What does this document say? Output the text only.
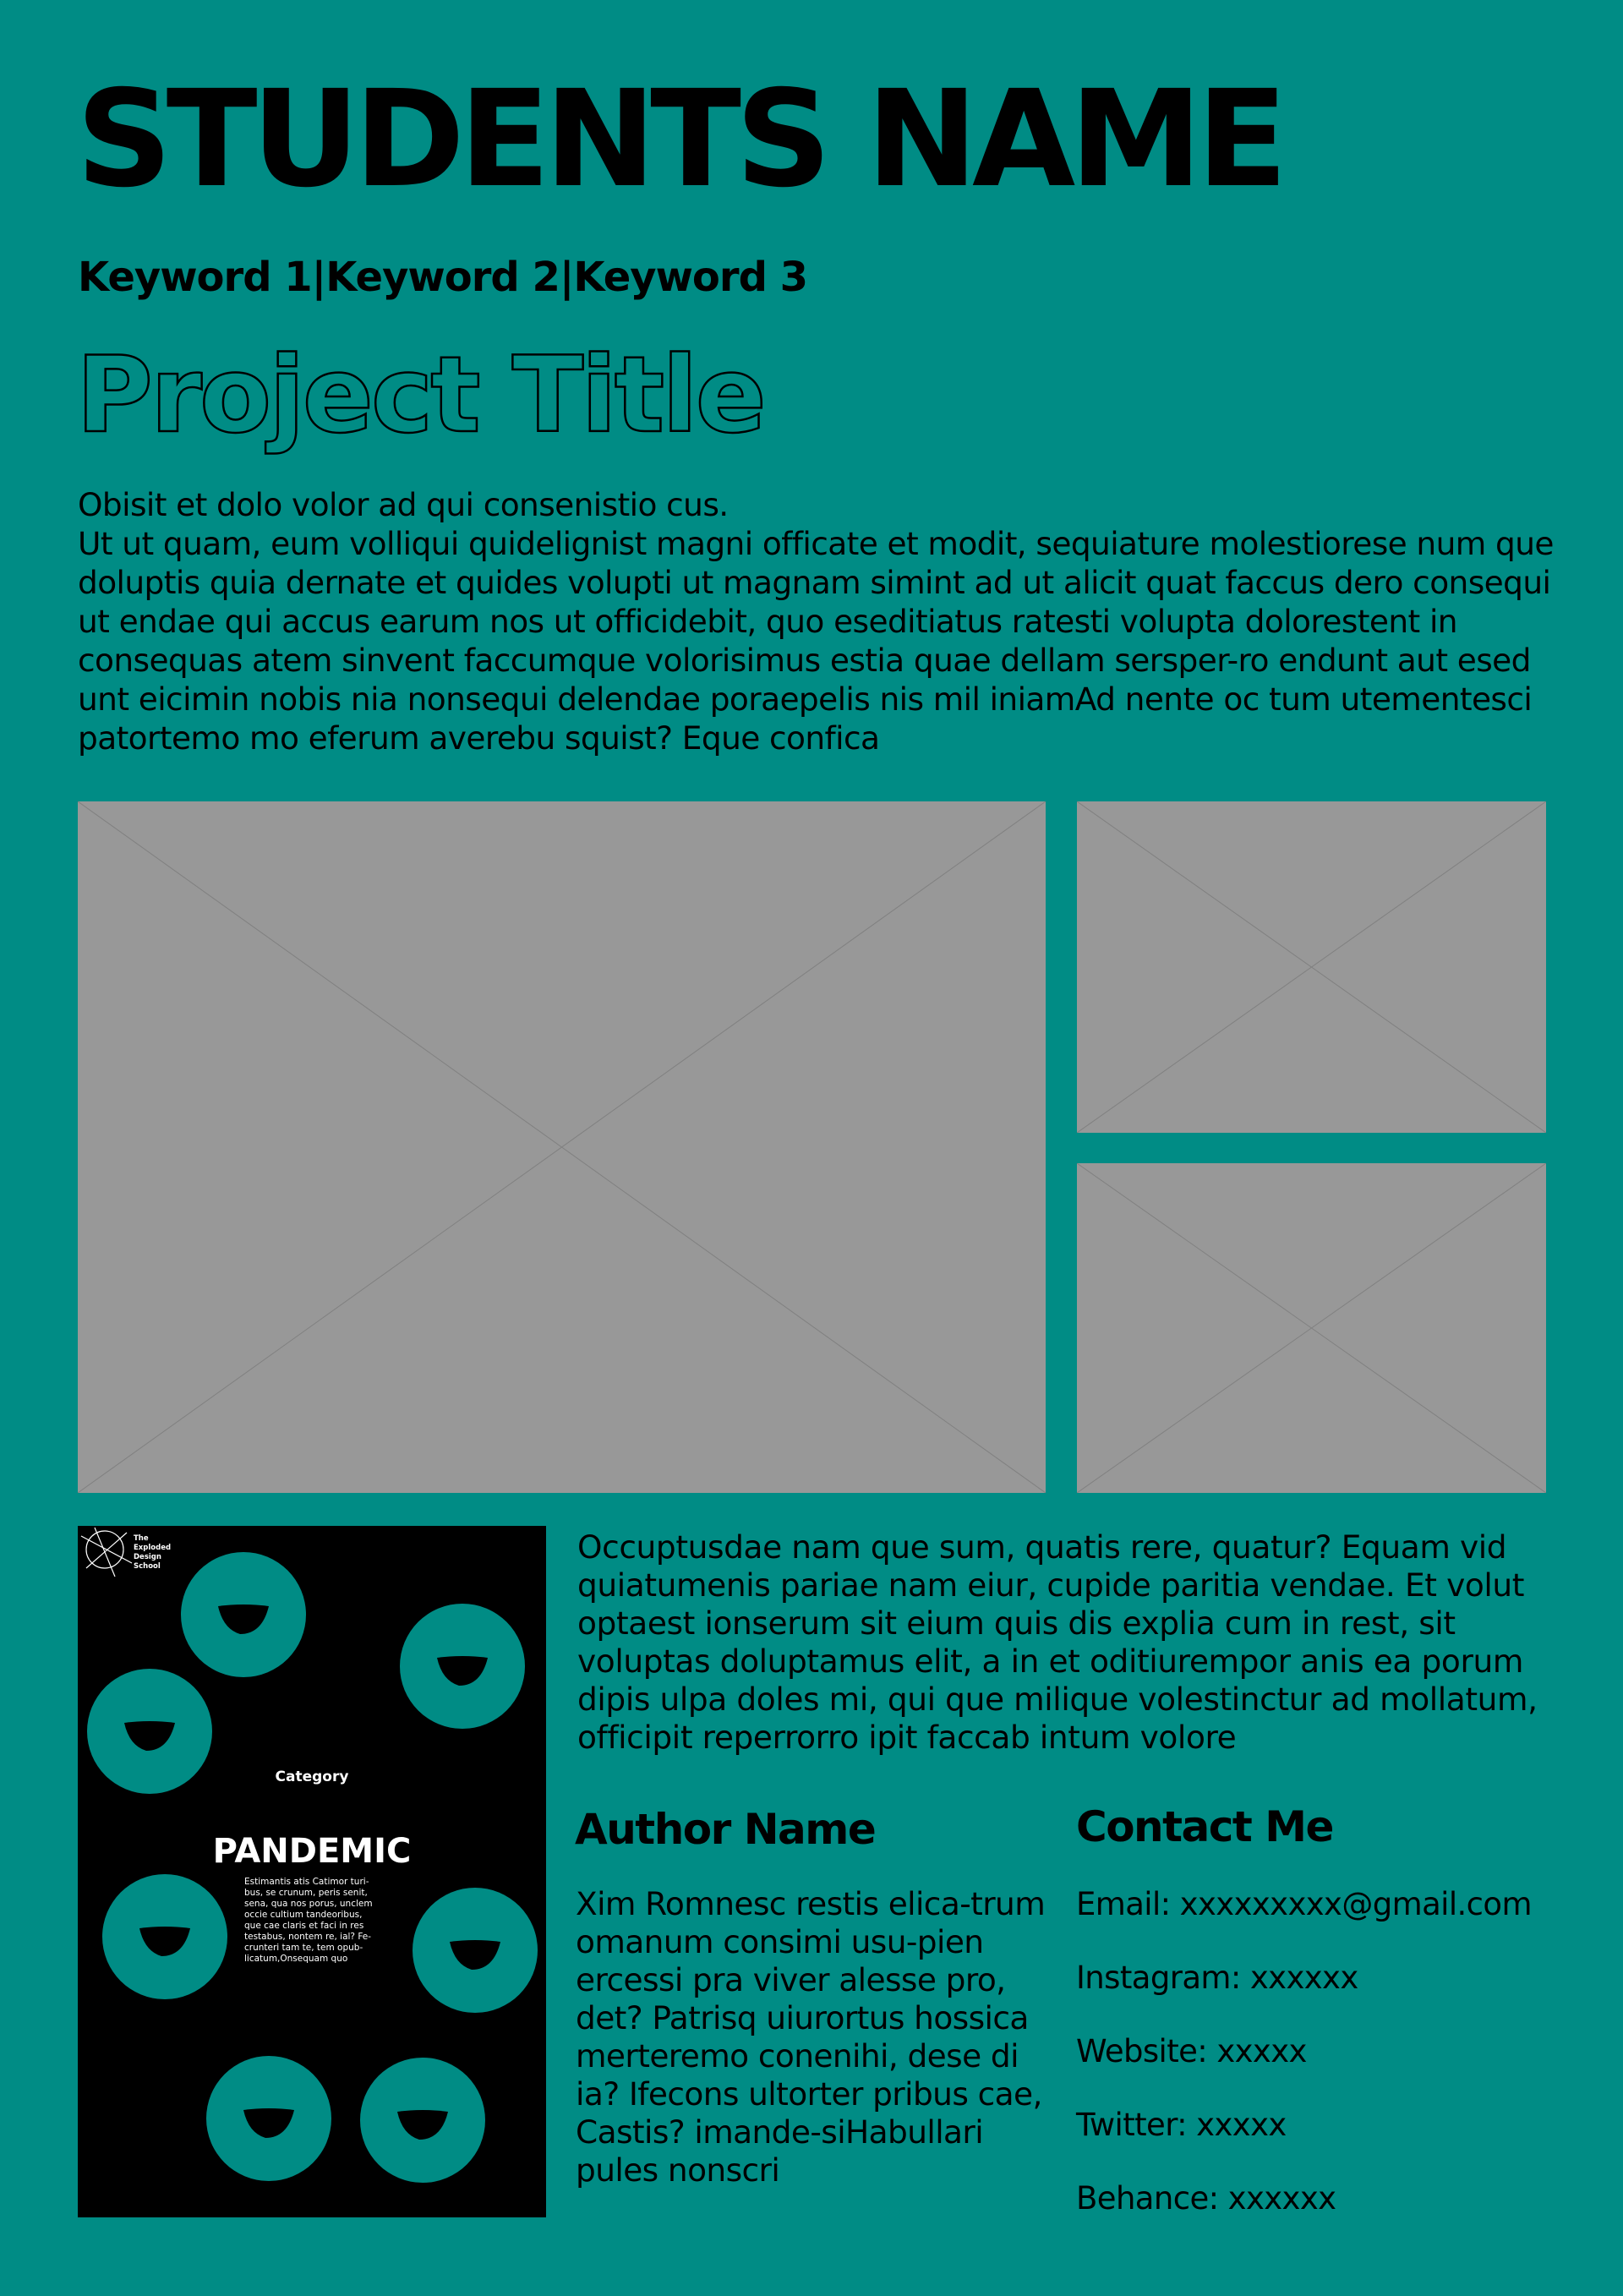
STUDENTS NAME
Keyword 1|Keyword 2|Keyword 3
Project Title

Obisit et dolo volor ad qui consenistio cus.

Ut ut quam, eum volliqui quidelignist magni officate et modit, sequiature molestiorese num que doluptis quia dernate et quides volupti ut magnam simint ad ut alicit quat faccus dero consequi ut endae qui accus earum nos ut officidebit, quo eseditiatus ratesti volupta dolorestent in consequas atem sinvent faccumque volorisimus estia quae dellam sersper-ro endunt aut esed unt eicimin nobis nia nonsequi delendae poraepelis nis mil iniamAd nente oc tum utementesci patortemo mo eferum averebu squist? Eque confica

The
Exploded
Design
School
Category
PANDEMIC
Estimantis atis Catimor turi-
bus, se crunum, peris senit,
sena, qua nos porus, unclem
occie cultium tandeoribus,
que cae claris et faci in res
testabus, nontem re, ial? Fe-
crunteri tam te, tem opub-
licatum,Onsequam quo
Occuptusdae nam que sum, quatis rere, quatur? Equam vid quiatumenis pariae nam eiur, cupide paritia vendae. Et volut optaest ionserum sit eium quis dis explia cum in rest, sit voluptas doluptamus elit, a in et oditiurempor anis ea porum dipis ulpa doles mi, qui que milique volestinctur ad mollatum, officipit reperrorro ipit faccab intum volore
Author Name
Xim Romnesc restis elica-trum omanum consimi usu-pien ercessi pra viver alesse pro, det? Patrisq uiurortus hossica merteremo conenihi, dese di ia? Ifecons ultorter pribus cae, Castis? imande-siHabullari pules nonscri
Contact Me
Email: xxxxxxxxx@gmail.com
Instagram: xxxxxx
Website: xxxxx
Twitter: xxxxx
Behance: xxxxxx
